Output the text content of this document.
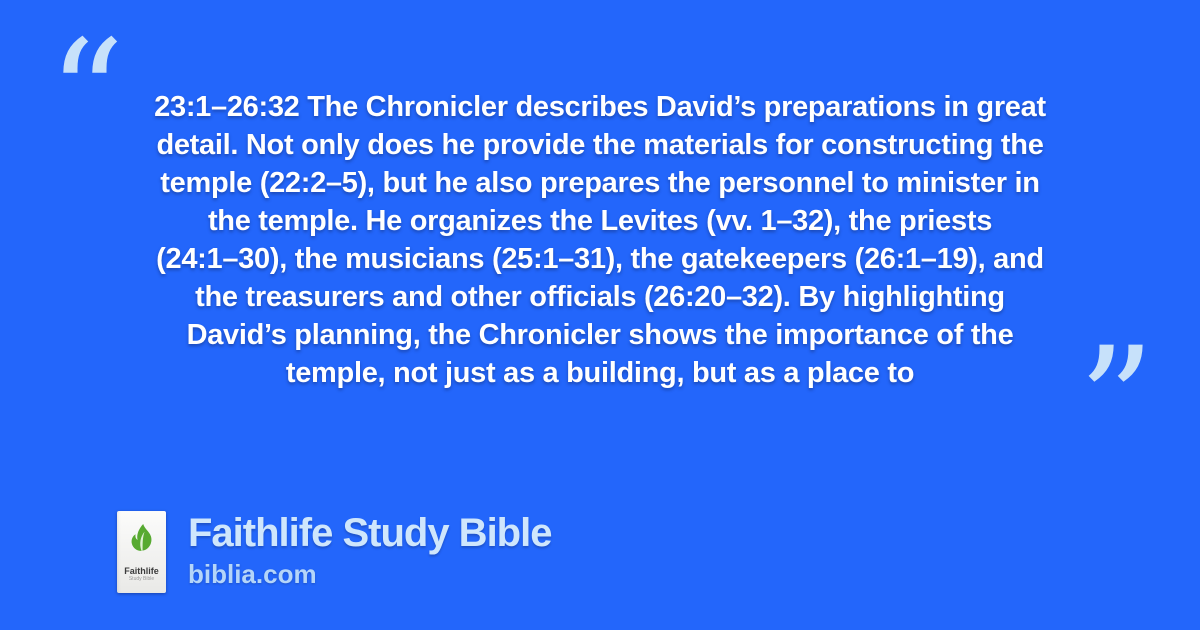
“	23:1–26:32 The Chronicler describes David’s preparations in great
detail. Not only does he provide the materials for constructing the
temple (22:2–5), but he also prepares the personnel to minister in
the temple. He organizes the Levites (vv. 1–32), the priests
(24:1–30), the musicians (25:1–31), the gatekeepers (26:1–19), and
the treasurers and other officials (26:20–32). By highlighting
David’s planning, the Chronicler shows the importance of the
temple, not just as a building, but as a place to	”
Faithlife
Study Bible
Faithlife Study Bible
biblia.com
